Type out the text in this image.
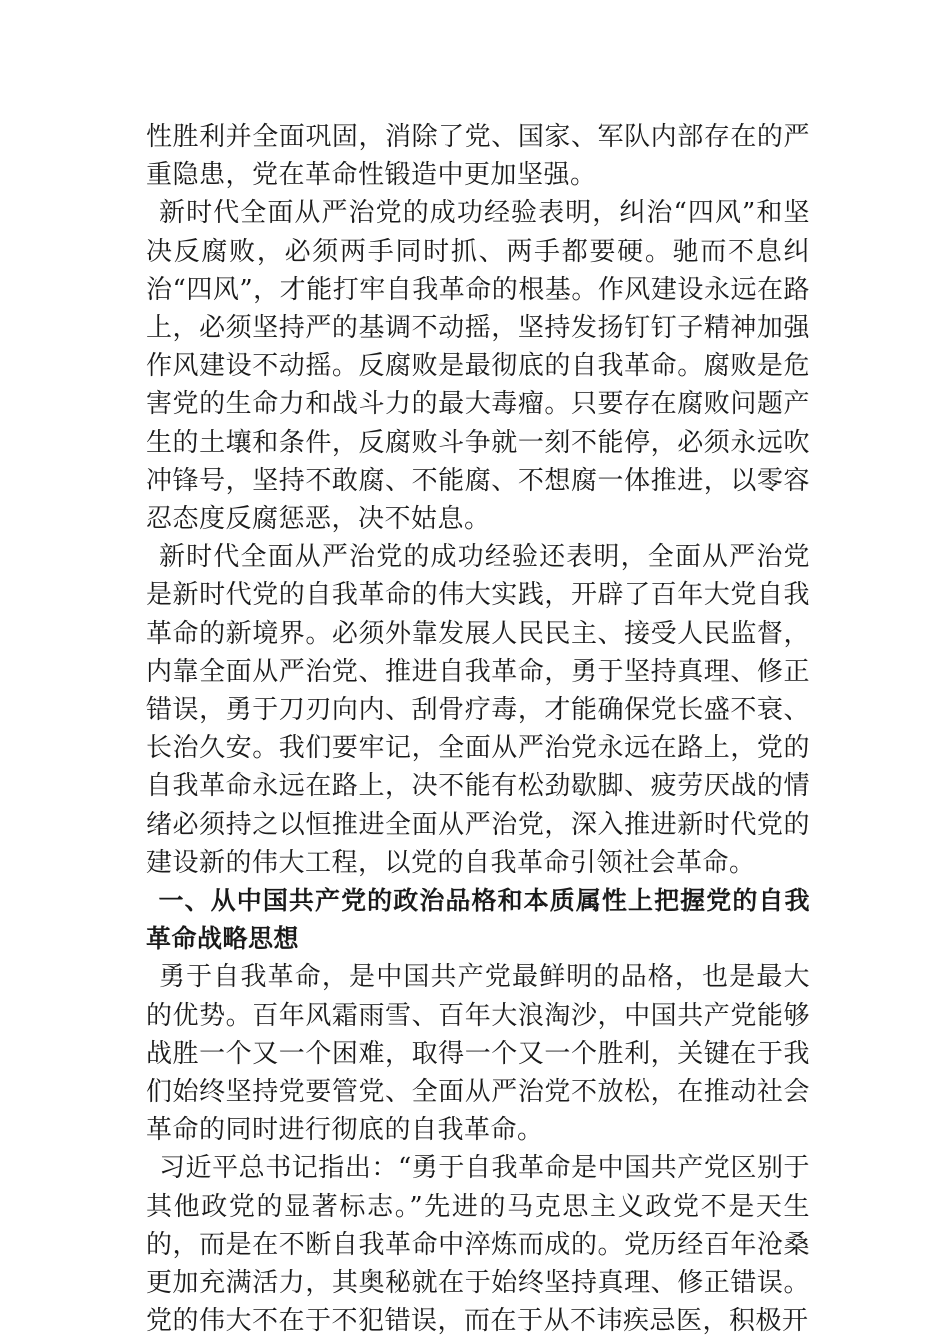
性胜利并全面巩固，消除了党、国家、军队内部存在的严重隐患，党在革命性锻造中更加坚强。

新时代全面从严治党的成功经验表明，纠治“四风”和坚决反腐败，必须两手同时抓、两手都要硬。驰而不息纠治“四风”，才能打牢自我革命的根基。作风建设永远在路上，必须坚持严的基调不动摇，坚持发扬钉钉子精神加强作风建设不动摇。反腐败是最彻底的自我革命。腐败是危害党的生命力和战斗力的最大毒瘤。只要存在腐败问题产生的土壤和条件，反腐败斗争就一刻不能停，必须永远吹冲锋号，坚持不敢腐、不能腐、不想腐一体推进，以零容忍态度反腐惩恶，决不姑息。

新时代全面从严治党的成功经验还表明，全面从严治党是新时代党的自我革命的伟大实践，开辟了百年大党自我革命的新境界。必须外靠发展人民民主、接受人民监督，内靠全面从严治党、推进自我革命，勇于坚持真理、修正错误，勇于刀刃向内、刮骨疗毒，才能确保党长盛不衰、长治久安。我们要牢记，全面从严治党永远在路上，党的自我革命永远在路上，决不能有松劲歇脚、疲劳厌战的情绪必须持之以恒推进全面从严治党，深入推进新时代党的建设新的伟大工程，以党的自我革命引领社会革命。

一、从中国共产党的政治品格和本质属性上把握党的自我革命战略思想

勇于自我革命，是中国共产党最鲜明的品格，也是最大的优势。百年风霜雨雪、百年大浪淘沙，中国共产党能够战胜一个又一个困难，取得一个又一个胜利，关键在于我们始终坚持党要管党、全面从严治党不放松，在推动社会革命的同时进行彻底的自我革命。

习近平总书记指出：“勇于自我革命是中国共产党区别于其他政党的显著标志。”先进的马克思主义政党不是天生的，而是在不断自我革命中淬炼而成的。党历经百年沧桑更加充满活力，其奥秘就在于始终坚持真理、修正错误。党的伟大不在于不犯错误，而在于从不讳疾忌医，积极开
